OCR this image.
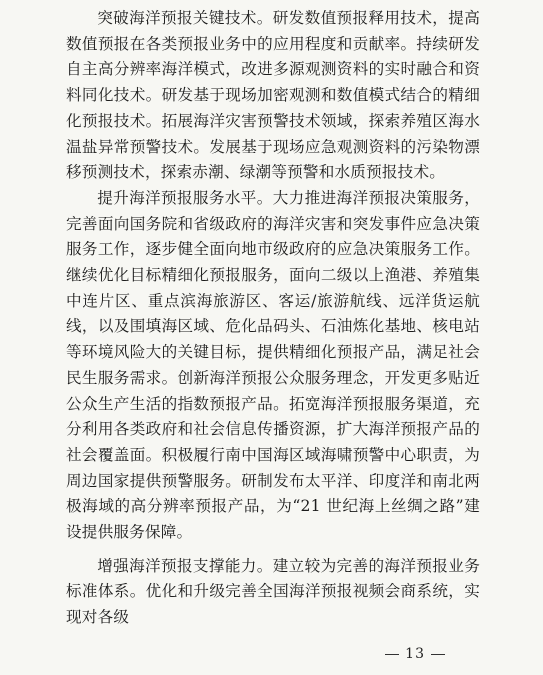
突破海洋预报关键技术。研发数值预报释用技术，提高数值预报在各类预报业务中的应用程度和贡献率。持续研发自主高分辨率海洋模式，改进多源观测资料的实时融合和资料同化技术。研发基于现场加密观测和数值模式结合的精细化预报技术。拓展海洋灾害预警技术领域，探索养殖区海水温盐异常预警技术。发展基于现场应急观测资料的污染物漂移预测技术，探索赤潮、绿潮等预警和水质预报技术。

提升海洋预报服务水平。大力推进海洋预报决策服务，完善面向国务院和省级政府的海洋灾害和突发事件应急决策服务工作，逐步健全面向地市级政府的应急决策服务工作。继续优化目标精细化预报服务，面向二级以上渔港、养殖集中连片区、重点滨海旅游区、客运/旅游航线、远洋货运航线，以及围填海区域、危化品码头、石油炼化基地、核电站等环境风险大的关键目标，提供精细化预报产品，满足社会民生服务需求。创新海洋预报公众服务理念，开发更多贴近公众生产生活的指数预报产品。拓宽海洋预报服务渠道，充分利用各类政府和社会信息传播资源，扩大海洋预报产品的社会覆盖面。积极履行南中国海区域海啸预警中心职责，为周边国家提供预警服务。研制发布太平洋、印度洋和南北两极海域的高分辨率预报产品，为“21 世纪海上丝绸之路”建设提供服务保障。

增强海洋预报支撑能力。建立较为完善的海洋预报业务标准体系。优化和升级完善全国海洋预报视频会商系统，实现对各级

13
